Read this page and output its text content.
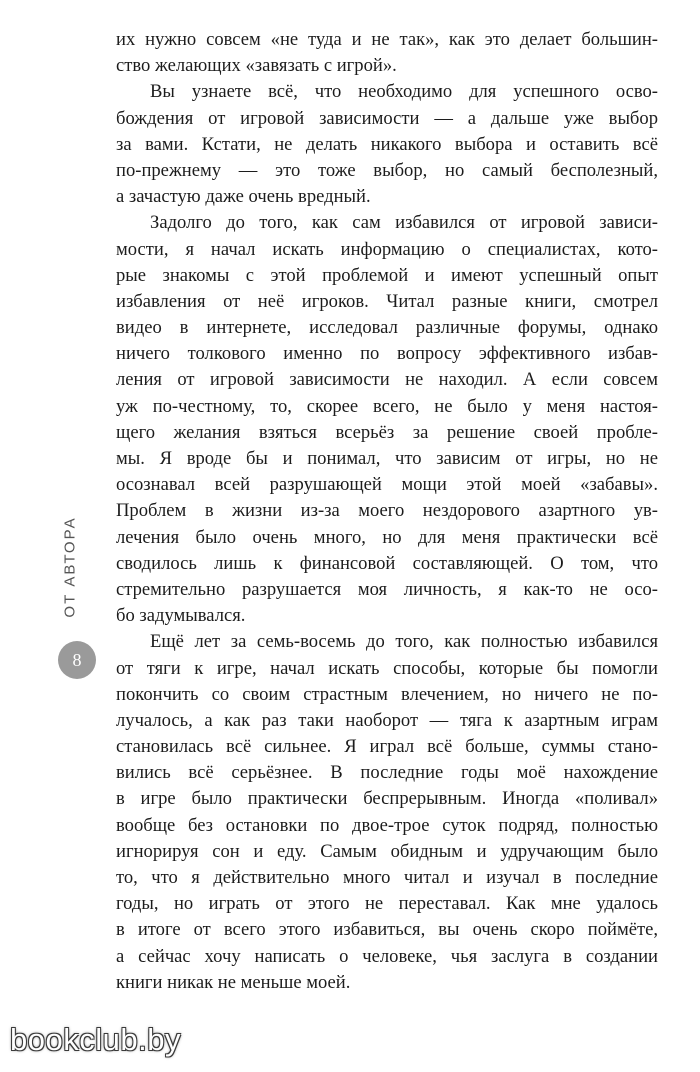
ОТ АВТОРА
8
их нужно совсем «не туда и не так», как это делает большин-
ство желающих «завязать с игрой».
Вы узнаете всё, что необходимо для успешного осво-
бождения от игровой зависимости — а дальше уже выбор
за вами. Кстати, не делать никакого выбора и оставить всё
по-прежнему — это тоже выбор, но самый бесполезный,
а зачастую даже очень вредный.
Задолго до того, как сам избавился от игровой зависи-
мости, я начал искать информацию о специалистах, кото-
рые знакомы с этой проблемой и имеют успешный опыт
избавления от неё игроков. Читал разные книги, смотрел
видео в интернете, исследовал различные форумы, однако
ничего толкового именно по вопросу эффективного избав-
ления от игровой зависимости не находил. А если совсем
уж по-честному, то, скорее всего, не было у меня настоя-
щего желания взяться всерьёз за решение своей пробле-
мы. Я вроде бы и понимал, что зависим от игры, но не
осознавал всей разрушающей мощи этой моей «забавы».
Проблем в жизни из-за моего нездорового азартного ув-
лечения было очень много, но для меня практически всё
сводилось лишь к финансовой составляющей. О том, что
стремительно разрушается моя личность, я как-то не осо-
бо задумывался.
Ещё лет за семь-восемь до того, как полностью избавился
от тяги к игре, начал искать способы, которые бы помогли
покончить со своим страстным влечением, но ничего не по-
лучалось, а как раз таки наоборот — тяга к азартным играм
становилась всё сильнее. Я играл всё больше, суммы стано-
вились всё серьёзнее. В последние годы моё нахождение
в игре было практически беспрерывным. Иногда «поливал»
вообще без остановки по двое-трое суток подряд, полностью
игнорируя сон и еду. Самым обидным и удручающим было
то, что я действительно много читал и изучал в последние
годы, но играть от этого не переставал. Как мне удалось
в итоге от всего этого избавиться, вы очень скоро поймёте,
а сейчас хочу написать о человеке, чья заслуга в создании
книги никак не меньше моей.
bookclub.by
